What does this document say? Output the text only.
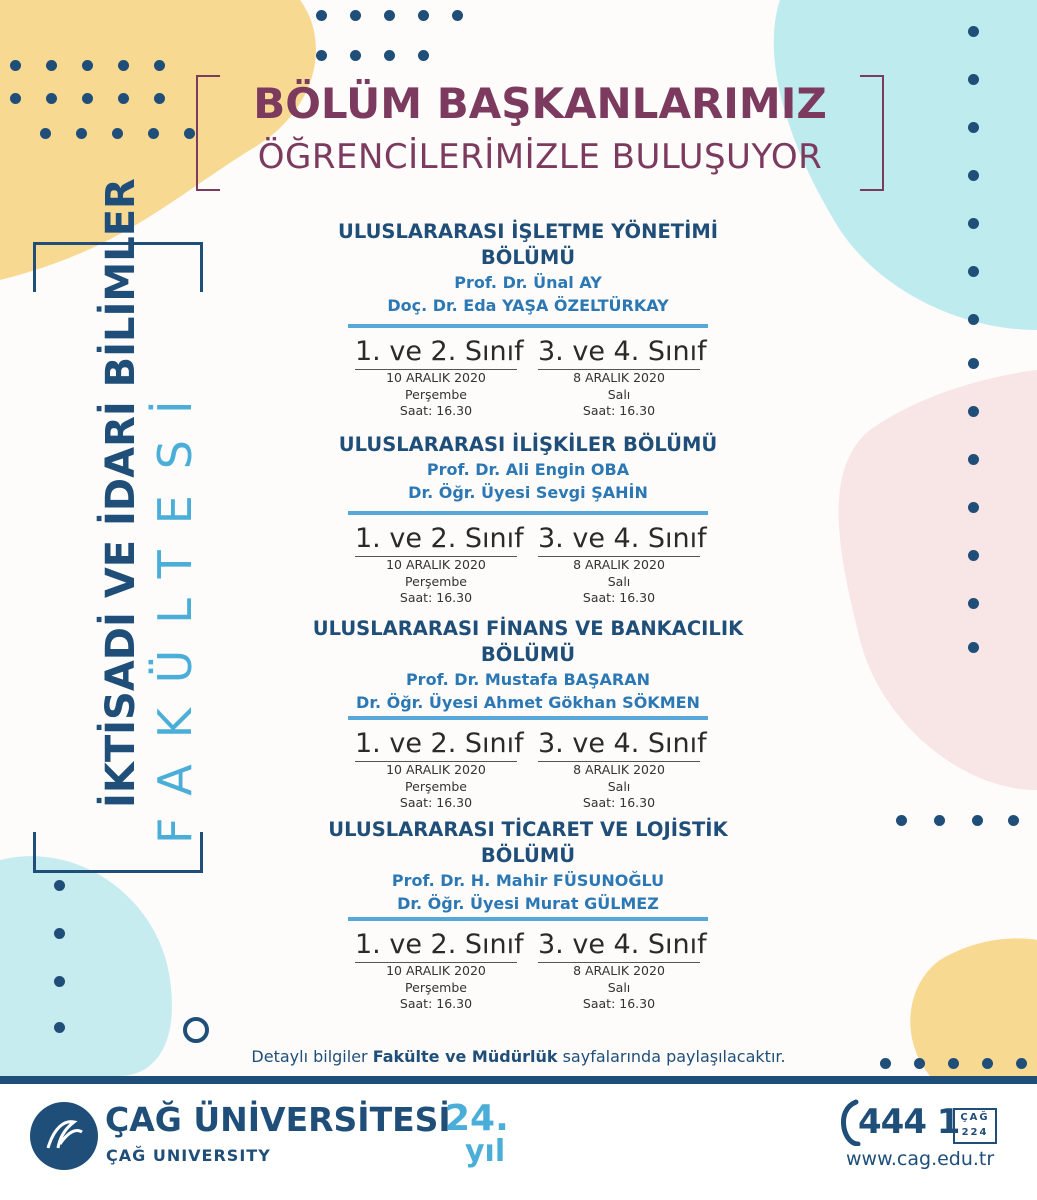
BÖLÜM BAŞKANLARIMIZ
ÖĞRENCİLERİMİZLE BULUŞUYOR
İKTİSADİ VE İDARİ BİLİMLER FAKÜLTESİ
ULUSLARARASI İŞLETME YÖNETİMİ BÖLÜMÜ
Prof. Dr. Ünal AY
Doç. Dr. Eda YAŞA ÖZELTÜRKAY
1. ve 2. Sınıf
10 ARALIK 2020
Perşembe
Saat: 16.30
3. ve 4. Sınıf
8 ARALIK 2020
Salı
Saat: 16.30
ULUSLARARASI İLİŞKİLER BÖLÜMÜ
Prof. Dr. Ali Engin OBA
Dr. Öğr. Üyesi Sevgi ŞAHİN
1. ve 2. Sınıf
10 ARALIK 2020
Perşembe
Saat: 16.30
3. ve 4. Sınıf
8 ARALIK 2020
Salı
Saat: 16.30
ULUSLARARASI FİNANS VE BANKACILIK BÖLÜMÜ
Prof. Dr. Mustafa BAŞARAN
Dr. Öğr. Üyesi Ahmet Gökhan SÖKMEN
1. ve 2. Sınıf
10 ARALIK 2020
Perşembe
Saat: 16.30
3. ve 4. Sınıf
8 ARALIK 2020
Salı
Saat: 16.30
ULUSLARARASI TİCARET VE LOJİSTİK BÖLÜMÜ
Prof. Dr. H. Mahir FÜSUNOĞLU
Dr. Öğr. Üyesi Murat GÜLMEZ
1. ve 2. Sınıf
10 ARALIK 2020
Perşembe
Saat: 16.30
3. ve 4. Sınıf
8 ARALIK 2020
Salı
Saat: 16.30
Detaylı bilgiler Fakülte ve Müdürlük sayfalarında paylaşılacaktır.
ÇAĞ ÜNİVERSİTESİ
ÇAĞ UNIVERSITY
24.
yıl
444 1 ÇAĞ
224
www.cag.edu.tr
